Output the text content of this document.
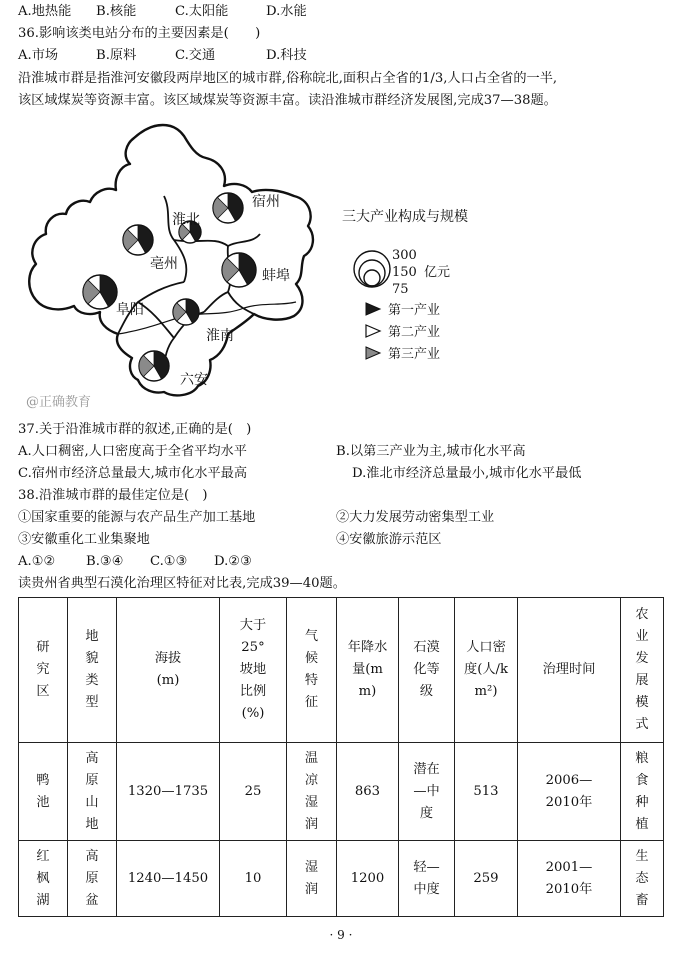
A.地热能 B.核能	C.太阳能	D.水能
36.影响该类电站分布的主要因素是(　　)
A.市场	B.原料	C.交通	D.科技
沿淮城市群是指淮河安徽段两岸地区的城市群,俗称皖北,面积占全省的1/3,人口占全省的一半,
该区域煤炭等资源丰富。该区域煤炭等资源丰富。读沿淮城市群经济发展图,完成37—38题。
宿州
淮北
亳州
蚌埠
阜阳
淮南
六安
@正确教育
三大产业构成与规模
300
150 亿元
75
第一产业
第二产业
第三产业
37.关于沿淮城市群的叙述,正确的是(　)
A.人口稠密,人口密度高于全省平均水平	B.以第三产业为主,城市化水平高
C.宿州市经济总量最大,城市化水平最高	D.淮北市经济总量最小,城市化水平最低
38.沿淮城市群的最佳定位是(　)
①国家重要的能源与农产品生产加工基地	②大力发展劳动密集型工业
③安徽重化工业集聚地	④安徽旅游示范区
A.①② B.③④ C.①③ D.②③
读贵州省典型石漠化治理区特征对比表,完成39—40题。
研究区	地貌类型	海拔(m)	大于25°坡地比例(%)	气候特征	年降水量(mm)	石漠化等级	人口密度(人/km²)	治理时间	农业发展模式
鸭池	高原山地	1320—1735	25	温凉湿润	863	潜在—中度	513	2006—2010年	粮食种植
红枫湖	高原盆	1240—1450	10	湿润	1200	轻—中度	259	2001—2010年	生态畜
· 9 ·
